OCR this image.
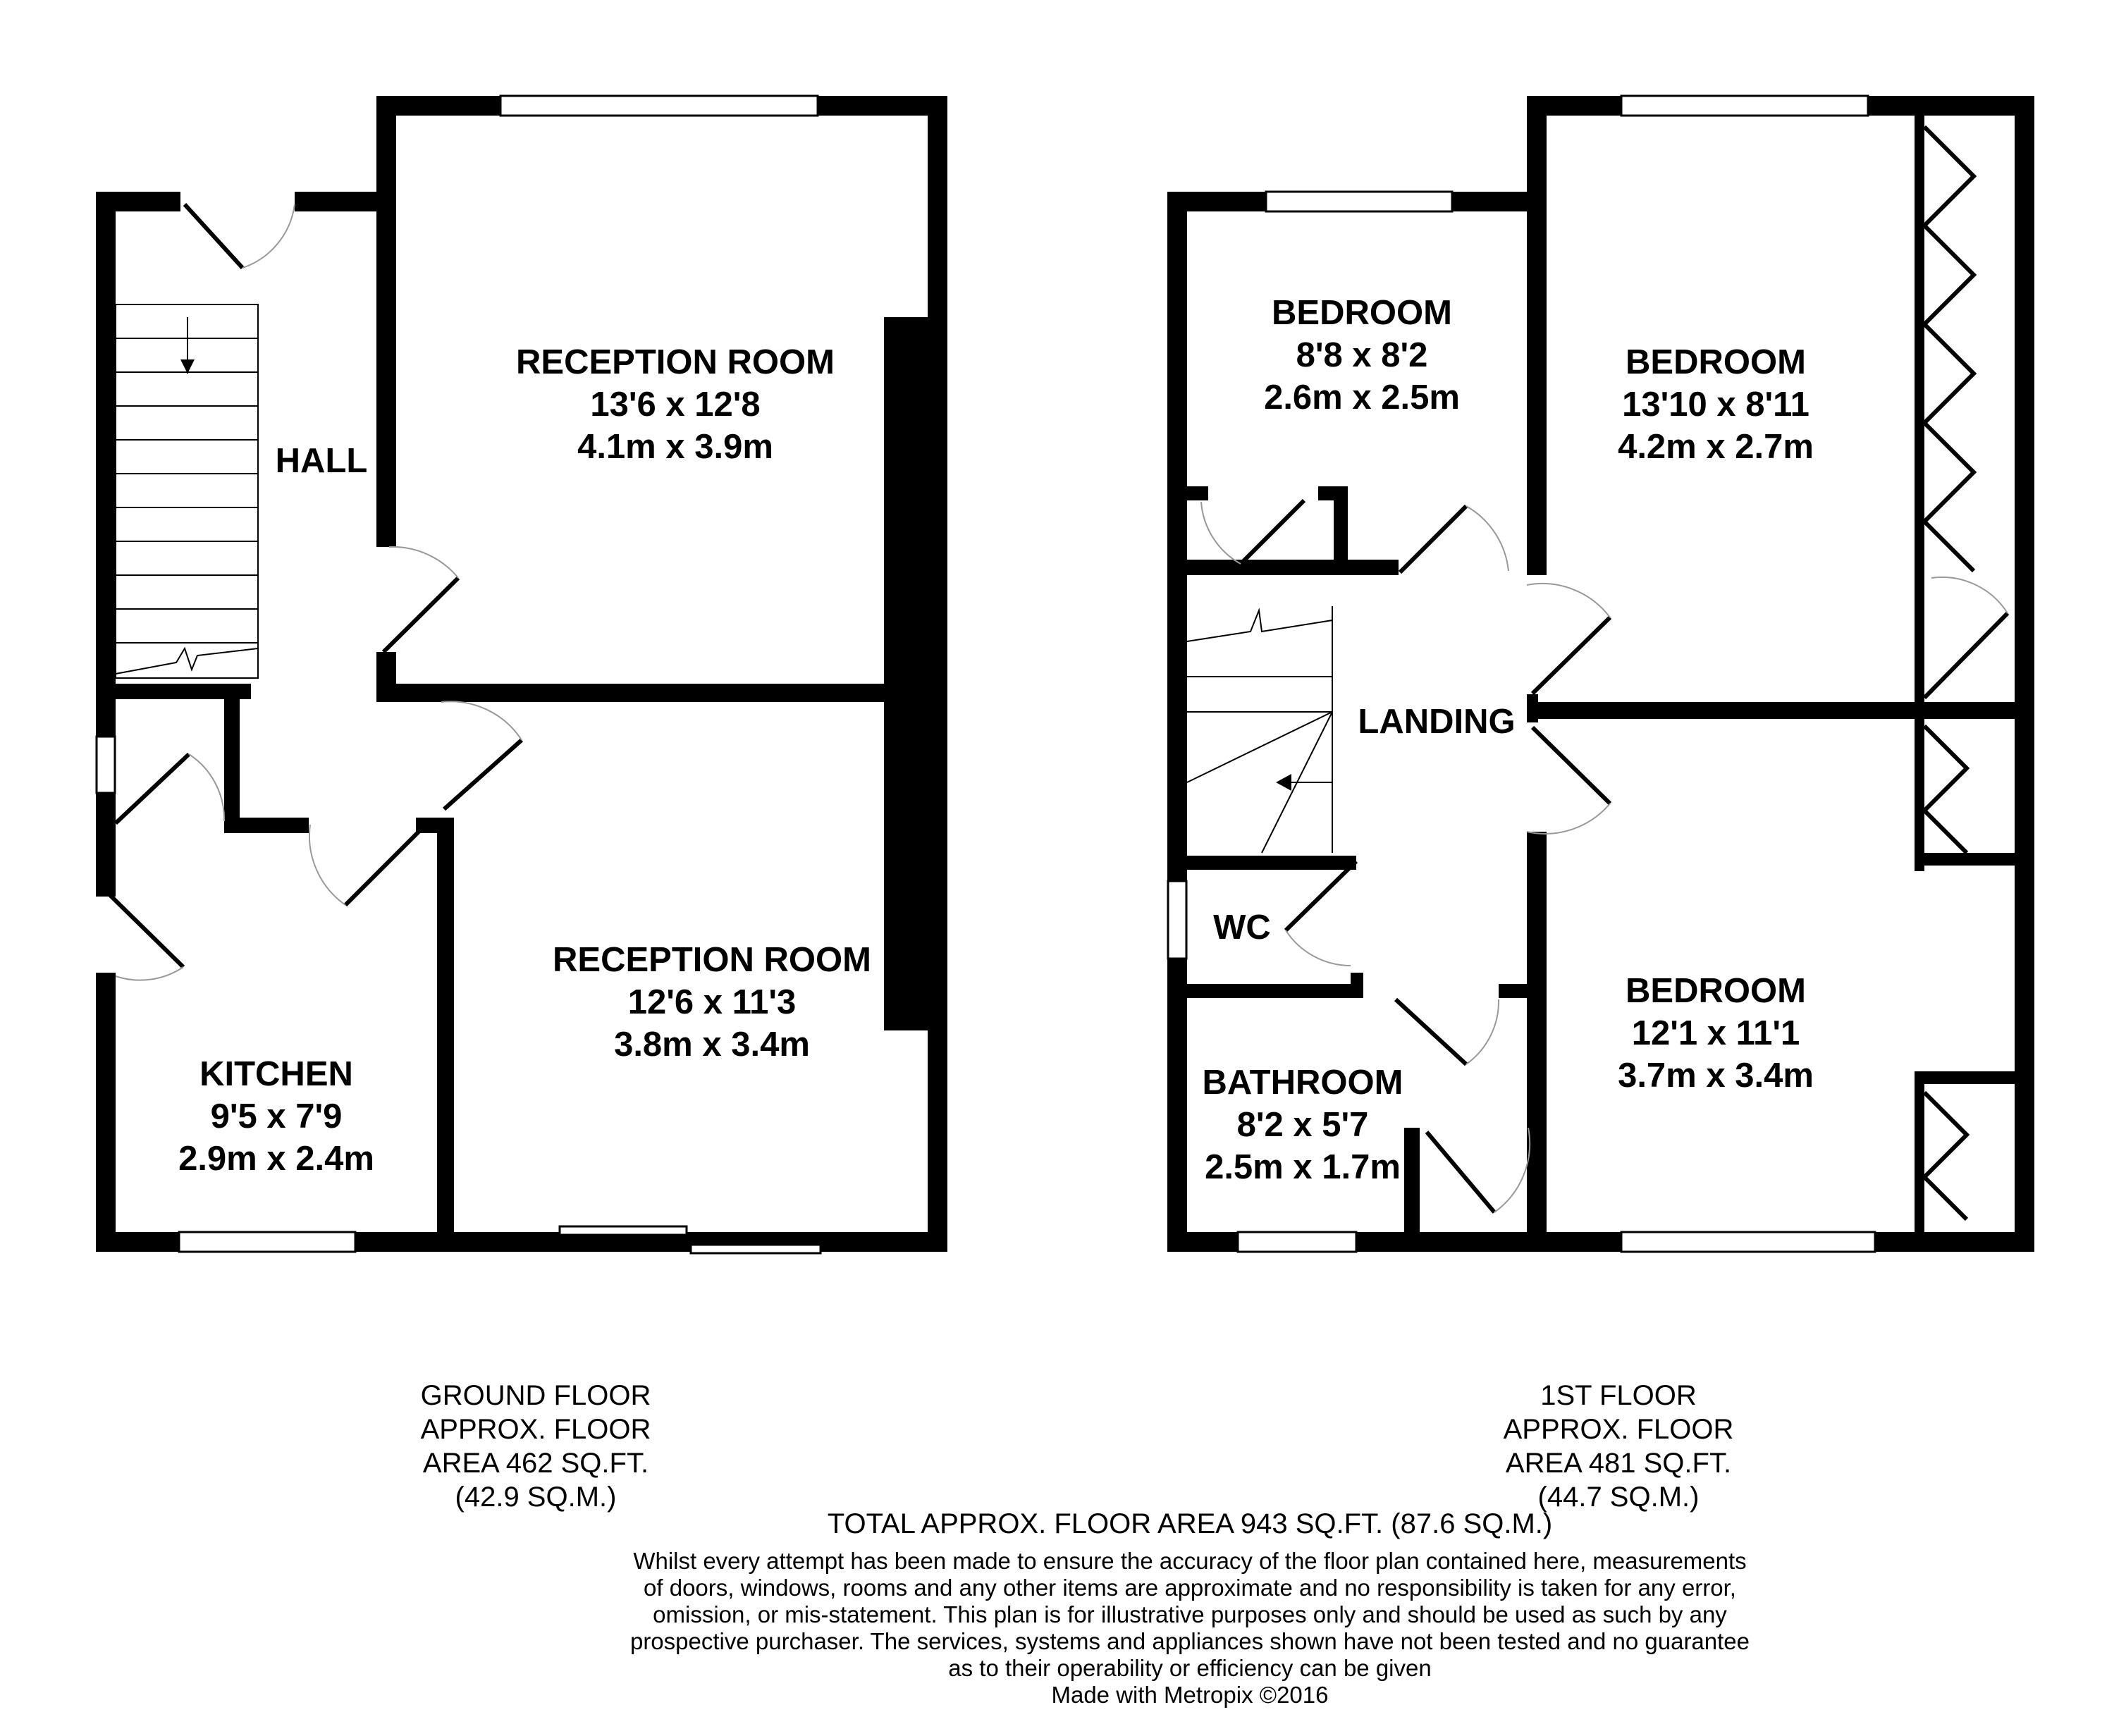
RECEPTION ROOM
13'6 x 12'8
4.1m x 3.9m
RECEPTION ROOM
12'6 x 11'3
3.8m x 3.4m
KITCHEN
9'5 x 7'9
2.9m x 2.4m
HALL
BEDROOM
8'8 x 8'2
2.6m x 2.5m
BEDROOM
13'10 x 8'11
4.2m x 2.7m
BEDROOM
12'1 x 11'1
3.7m x 3.4m
BATHROOM
8'2 x 5'7
2.5m x 1.7m
LANDING
WC
GROUND FLOOR
APPROX. FLOOR
AREA 462 SQ.FT.
(42.9 SQ.M.)
1ST FLOOR
APPROX. FLOOR
AREA 481 SQ.FT.
(44.7 SQ.M.)
TOTAL APPROX. FLOOR AREA 943 SQ.FT. (87.6 SQ.M.)
Whilst every attempt has been made to ensure the accuracy of the floor plan contained here, measurements
of doors, windows, rooms and any other items are approximate and no responsibility is taken for any error,
omission, or mis-statement. This plan is for illustrative purposes only and should be used as such by any
prospective purchaser. The services, systems and appliances shown have not been tested and no guarantee
as to their operability or efficiency can be given
Made with Metropix ©2016
